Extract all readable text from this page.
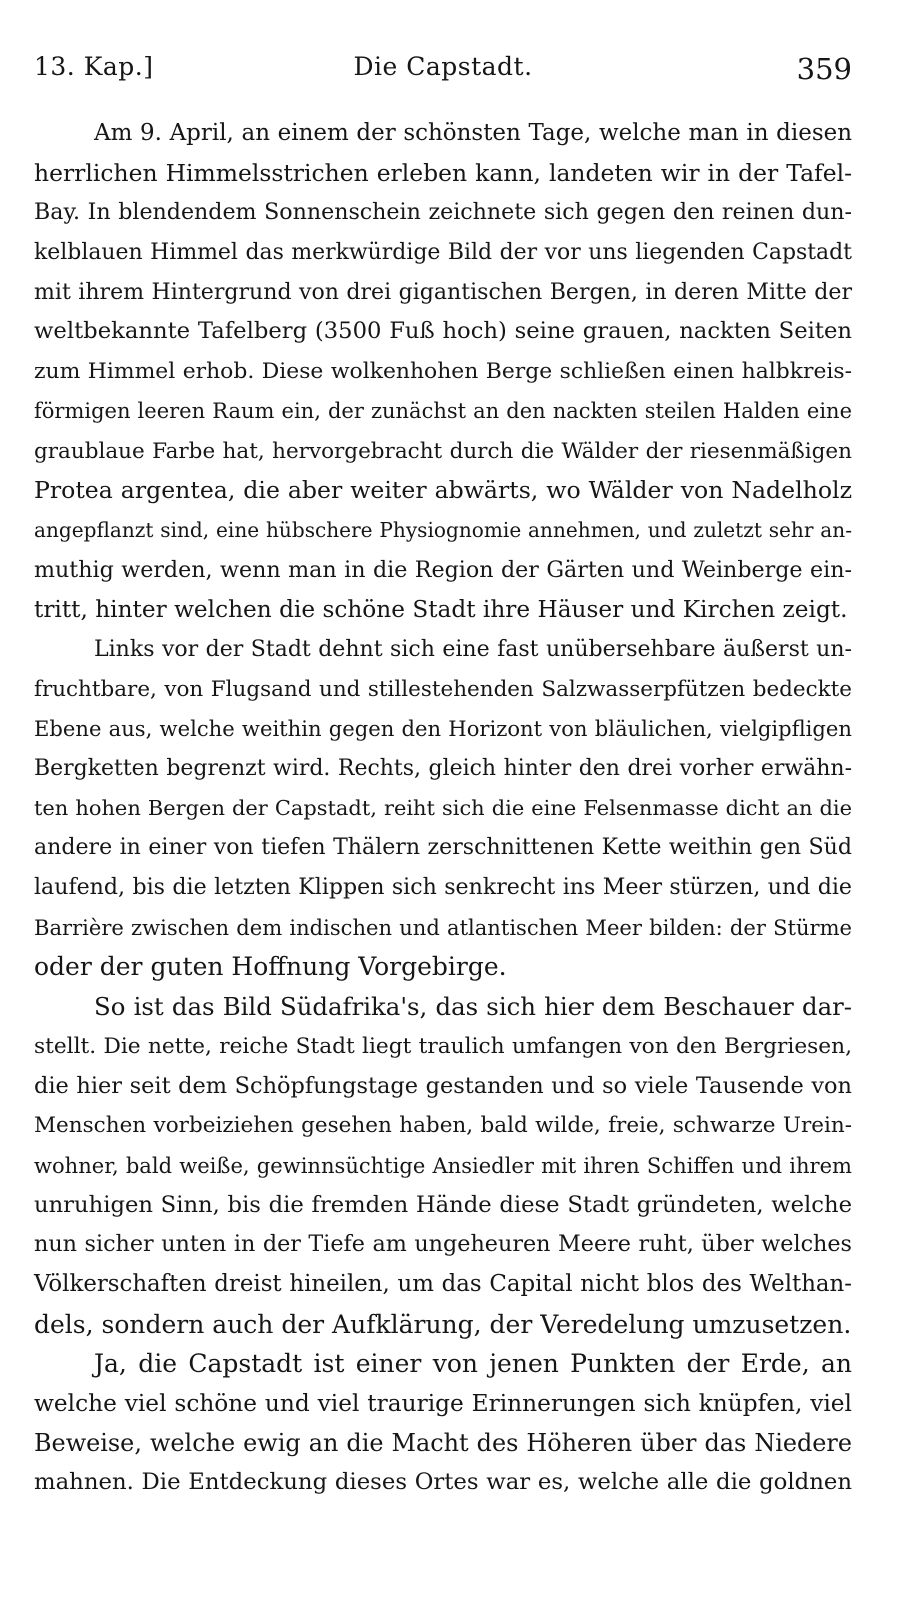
13. Kap.]	Die Capstadt.	359
Am 9. April, an einem der schönsten Tage, welche man in diesen
herrlichen Himmelsstrichen erleben kann, landeten wir in der Tafel-
Bay. In blendendem Sonnenschein zeichnete sich gegen den reinen dun-
kelblauen Himmel das merkwürdige Bild der vor uns liegenden Capstadt
mit ihrem Hintergrund von drei gigantischen Bergen, in deren Mitte der
weltbekannte Tafelberg (3500 Fuß hoch) seine grauen, nackten Seiten
zum Himmel erhob. Diese wolkenhohen Berge schließen einen halbkreis-
förmigen leeren Raum ein, der zunächst an den nackten steilen Halden eine
graublaue Farbe hat, hervorgebracht durch die Wälder der riesenmäßigen
Protea argentea, die aber weiter abwärts, wo Wälder von Nadelholz
angepflanzt sind, eine hübschere Physiognomie annehmen, und zuletzt sehr an-
muthig werden, wenn man in die Region der Gärten und Weinberge ein-
tritt, hinter welchen die schöne Stadt ihre Häuser und Kirchen zeigt.
Links vor der Stadt dehnt sich eine fast unübersehbare äußerst un-
fruchtbare, von Flugsand und stillestehenden Salzwasserpfützen bedeckte
Ebene aus, welche weithin gegen den Horizont von bläulichen, vielgipfligen
Bergketten begrenzt wird. Rechts, gleich hinter den drei vorher erwähn-
ten hohen Bergen der Capstadt, reiht sich die eine Felsenmasse dicht an die
andere in einer von tiefen Thälern zerschnittenen Kette weithin gen Süd
laufend, bis die letzten Klippen sich senkrecht ins Meer stürzen, und die
Barrière zwischen dem indischen und atlantischen Meer bilden: der Stürme
oder der guten Hoffnung Vorgebirge.
So ist das Bild Südafrika's, das sich hier dem Beschauer dar-
stellt. Die nette, reiche Stadt liegt traulich umfangen von den Bergriesen,
die hier seit dem Schöpfungstage gestanden und so viele Tausende von
Menschen vorbeiziehen gesehen haben, bald wilde, freie, schwarze Urein-
wohner, bald weiße, gewinnsüchtige Ansiedler mit ihren Schiffen und ihrem
unruhigen Sinn, bis die fremden Hände diese Stadt gründeten, welche
nun sicher unten in der Tiefe am ungeheuren Meere ruht, über welches
Völkerschaften dreist hineilen, um das Capital nicht blos des Welthan-
dels, sondern auch der Aufklärung, der Veredelung umzusetzen.
Ja, die Capstadt ist einer von jenen Punkten der Erde, an
welche viel schöne und viel traurige Erinnerungen sich knüpfen, viel
Beweise, welche ewig an die Macht des Höheren über das Niedere
mahnen. Die Entdeckung dieses Ortes war es, welche alle die goldnen
